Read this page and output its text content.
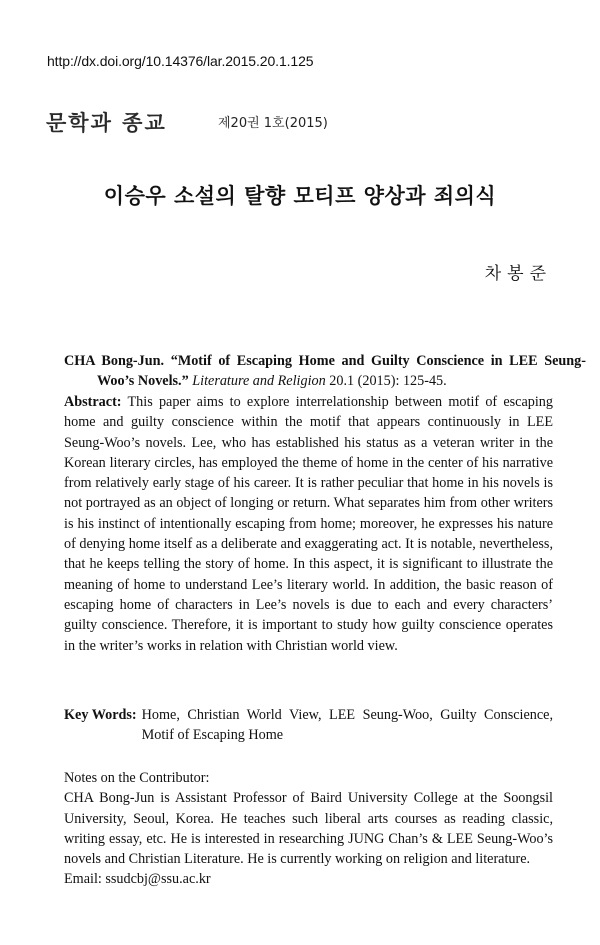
http://dx.doi.org/10.14376/lar.2015.20.1.125
문학과 종교	제20권 1호(2015)
이승우 소설의 탈향 모티프 양상과 죄의식
차봉준
CHA Bong-Jun. “Motif of Escaping Home and Guilty Conscience in LEE Seung-Woo’s Novels.” Literature and Religion 20.1 (2015): 125-45.
Abstract: This paper aims to explore interrelationship between motif of escaping home and guilty conscience within the motif that appears continuously in LEE Seung-Woo’s novels. Lee, who has established his status as a veteran writer in the Korean literary circles, has employed the theme of home in the center of his narrative from relatively early stage of his career. It is rather peculiar that home in his novels is not portrayed as an object of longing or return. What separates him from other writers is his instinct of intentionally escaping from home; moreover, he expresses his nature of denying home itself as a deliberate and exaggerating act. It is notable, nevertheless, that he keeps telling the story of home. In this aspect, it is significant to illustrate the meaning of home to understand Lee’s literary world. In addition, the basic reason of escaping home of characters in Lee’s novels is due to each and every characters’ guilty conscience. Therefore, it is important to study how guilty conscience operates in the writer’s works in relation with Christian world view.
Key Words: Home, Christian World View, LEE Seung-Woo, Guilty Conscience, Motif of Escaping Home
Notes on the Contributor:
CHA Bong-Jun is Assistant Professor of Baird University College at the Soongsil University, Seoul, Korea. He teaches such liberal arts courses as reading classic, writing essay, etc. He is interested in researching JUNG Chan’s & LEE Seung-Woo’s novels and Christian Literature. He is currently working on religion and literature.
Email: ssudcbj@ssu.ac.kr
